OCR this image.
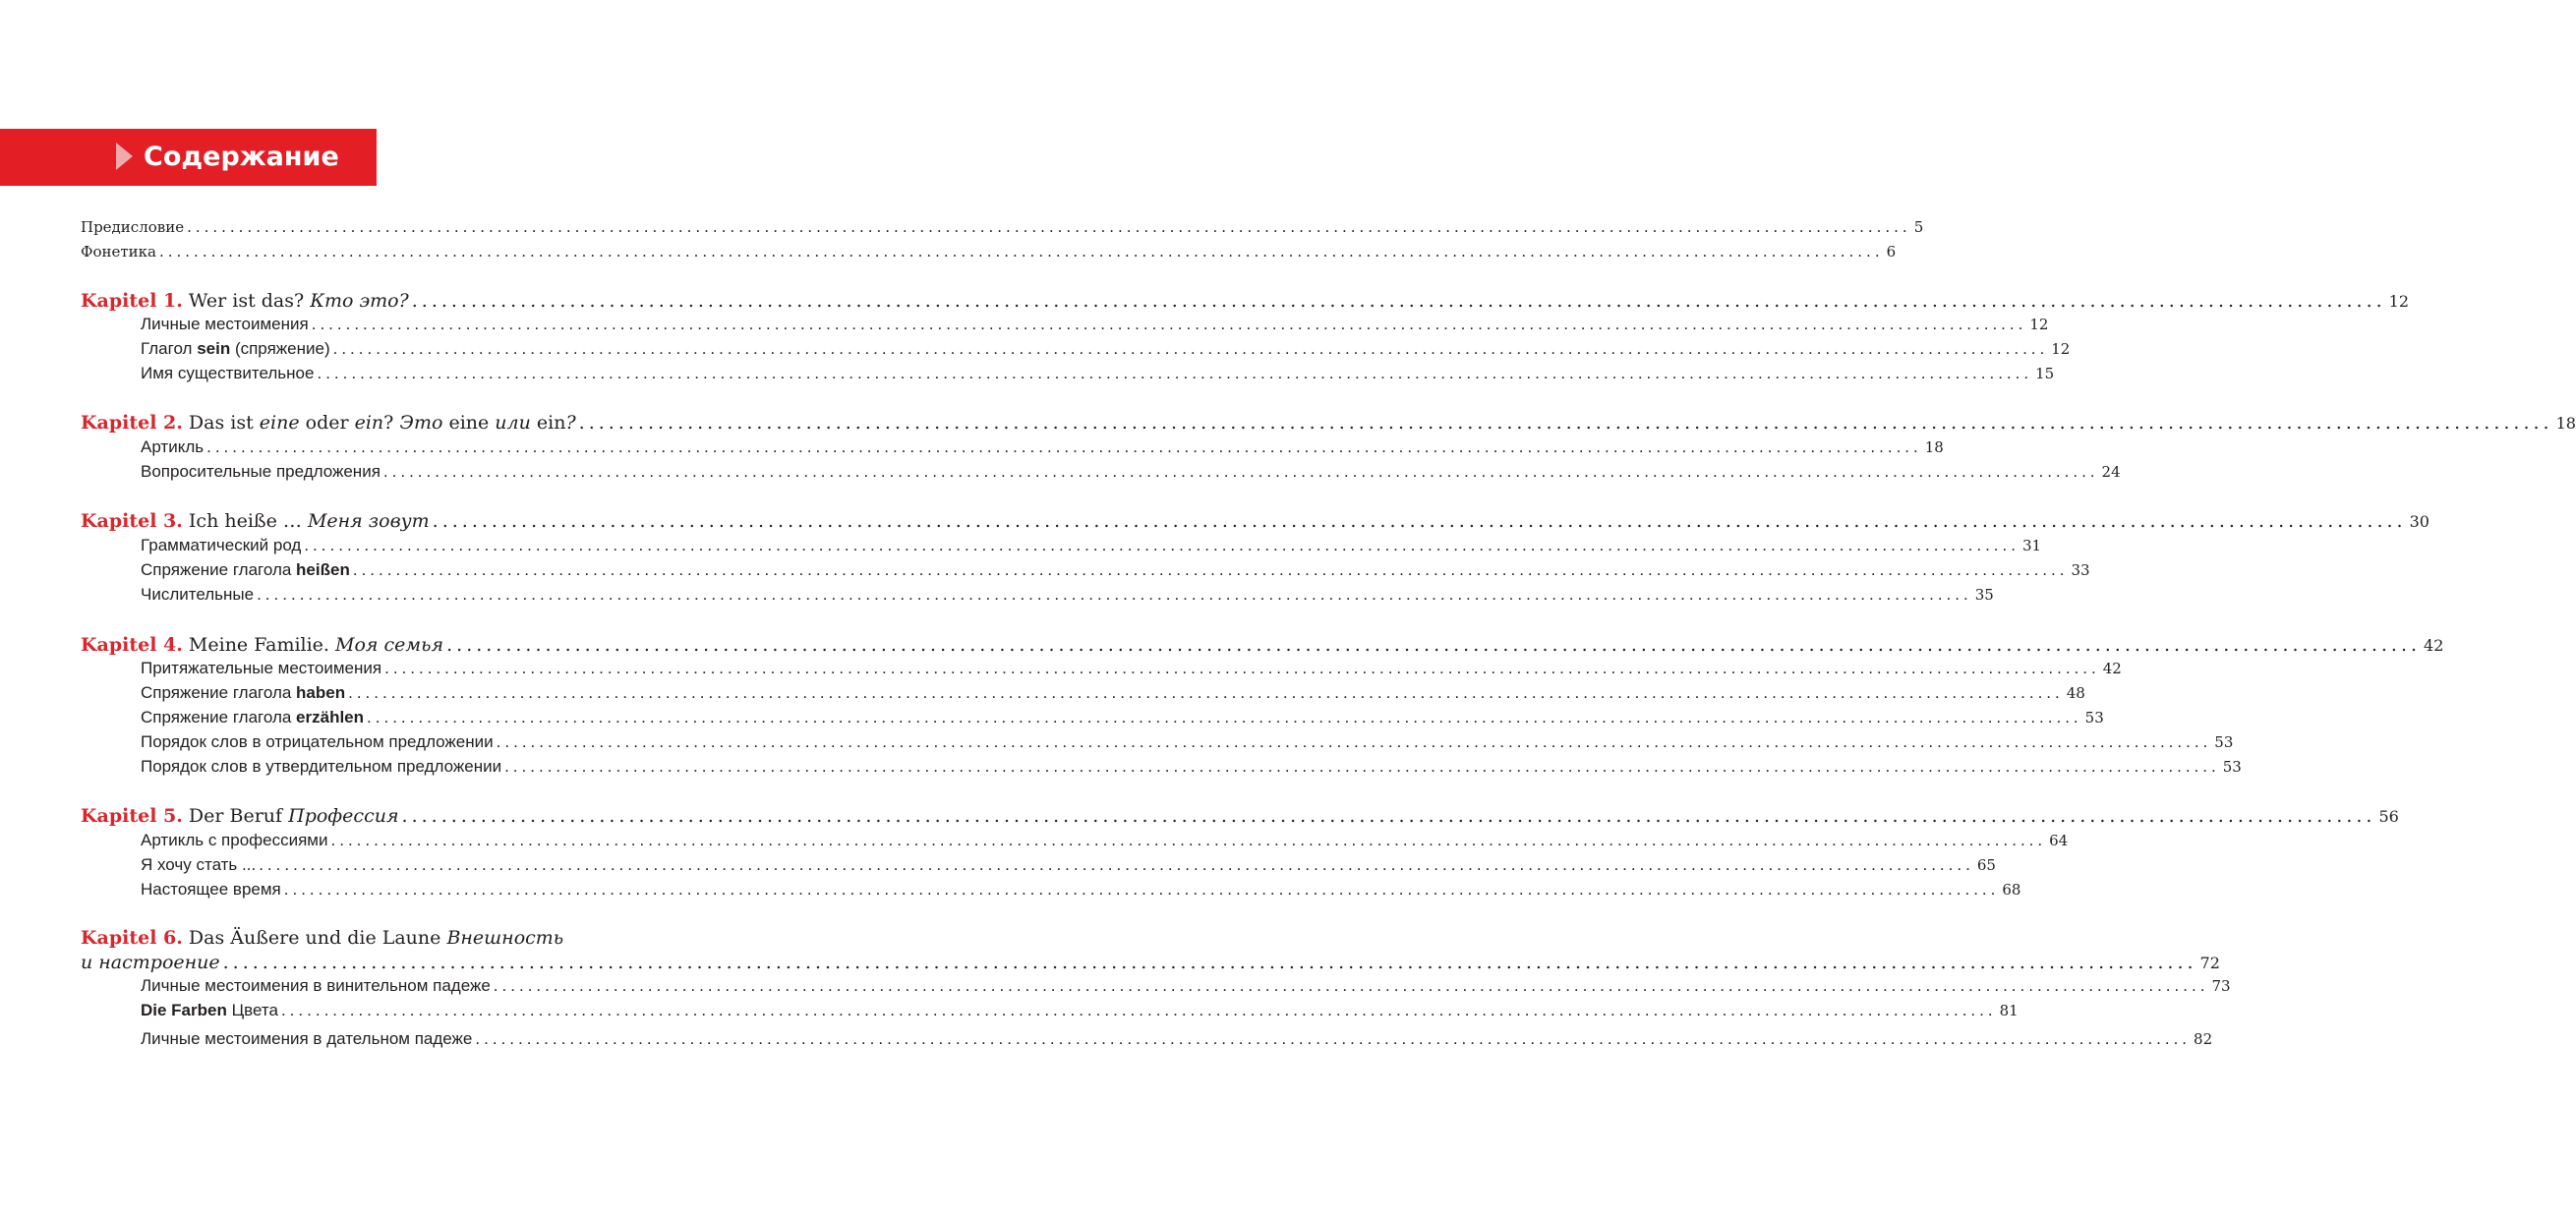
Содержание
Предисловие ........................................................................................................................................................................................................ 5
Фонетика ........................................................................................................................................................................................................ 6
Kapitel 1. Wer ist das? Кто это? ........................................................................................................................................................................................................ 12
Личные местоимения ........................................................................................................................................................................................................ 12
Глагол sein (спряжение) ........................................................................................................................................................................................................ 12
Имя существительное ........................................................................................................................................................................................................ 15
Kapitel 2. Das ist eine oder ein? Это eine или ein? ........................................................................................................................................................................................................ 18
Артикль ........................................................................................................................................................................................................ 18
Вопросительные предложения ........................................................................................................................................................................................................ 24
Kapitel 3. Ich heiße … Меня зовут ........................................................................................................................................................................................................ 30
Грамматический род ........................................................................................................................................................................................................ 31
Спряжение глагола heißen ........................................................................................................................................................................................................ 33
Числительные ........................................................................................................................................................................................................ 35
Kapitel 4. Meine Familie. Моя семья ........................................................................................................................................................................................................ 42
Притяжательные местоимения ........................................................................................................................................................................................................ 42
Спряжение глагола haben ........................................................................................................................................................................................................ 48
Спряжение глагола erzählen ........................................................................................................................................................................................................ 53
Порядок слов в отрицательном предложении ........................................................................................................................................................................................................ 53
Порядок слов в утвердительном предложении ........................................................................................................................................................................................................ 53
Kapitel 5. Der Beruf Профессия ........................................................................................................................................................................................................ 56
Артикль с профессиями ........................................................................................................................................................................................................ 64
Я хочу стать ... ........................................................................................................................................................................................................ 65
Настоящее время ........................................................................................................................................................................................................ 68
Kapitel 6. Das Äußere und die Laune Внешность
и настроение ........................................................................................................................................................................................................ 72
Личные местоимения в винительном падеже ........................................................................................................................................................................................................ 73
Die Farben Цвета ........................................................................................................................................................................................................ 81
Личные местоимения в дательном падеже ........................................................................................................................................................................................................ 82
